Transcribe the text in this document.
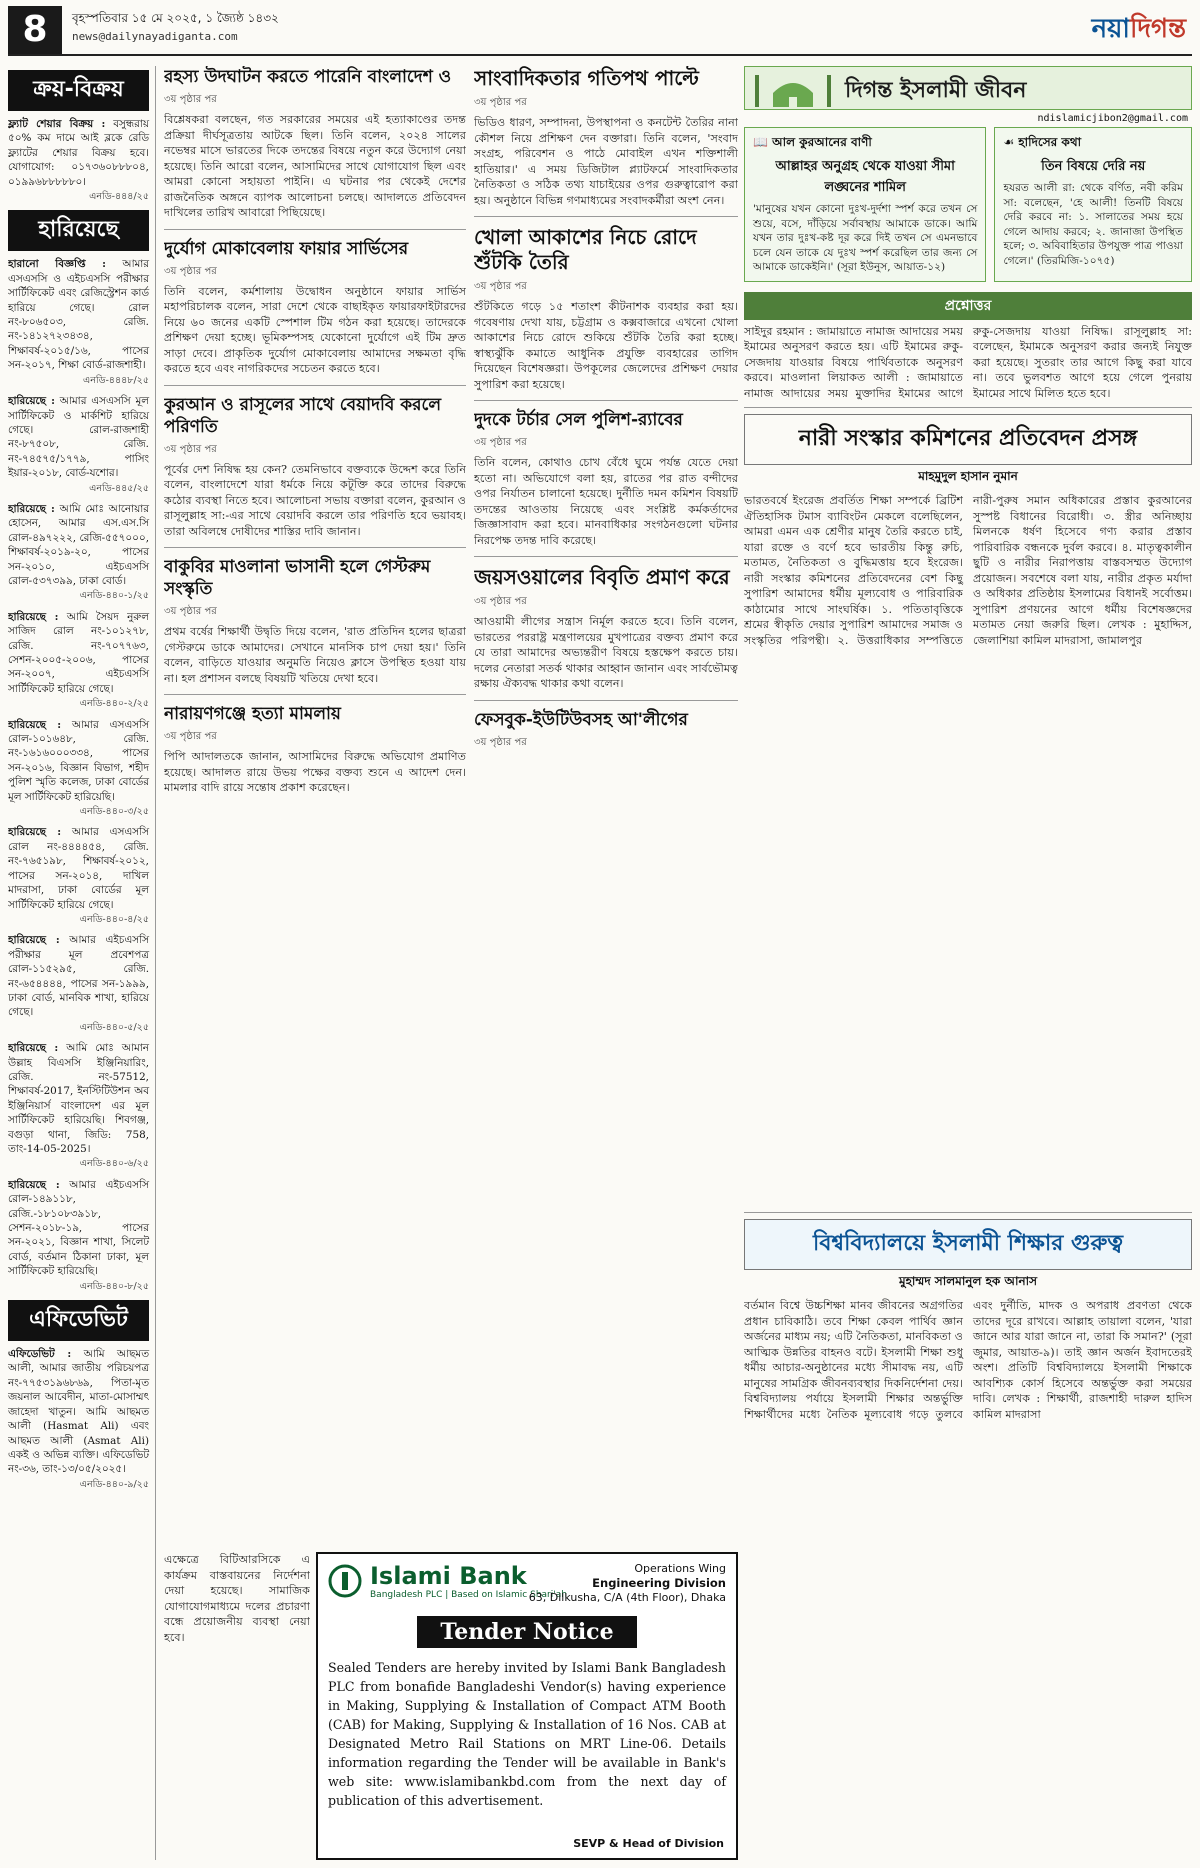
8	বৃহস্পতিবার ১৫ মে ২০২৫, ১ জ্যৈষ্ঠ ১৪৩২
news@dailynayadiganta.com	নয়াদিগন্ত
ক্রয়-বিক্রয়
ফ্ল্যাট শেয়ার বিক্রয় : বসুন্ধরায় ৫০% কম দামে আই ব্লকে রেডি ফ্ল্যাটের শেয়ার বিক্রয় হবে। যোগাযোগ: ০১৭৩৬০৮৮৮০৪, ০১৯৯৬৮৮৮৮৮০।
এনডি-৪৪৪/২৫
হারিয়েছে
হারানো বিজ্ঞপ্তি : আমার এসএসসি ও এইচএসসি পরীক্ষার সার্টিফিকেট এবং রেজিস্ট্রেশন কার্ড হারিয়ে গেছে। রোল নং-৮০৬৫০৩, রেজি. নং-১৪১২৭২৩৪৩৪, শিক্ষাবর্ষ-২০১৫/১৬, পাসের সন-২০১৭, শিক্ষা বোর্ড-রাজশাহী।
এনডি-৪৪৪৮/২৫
হারিয়েছে : আমার এসএসসি মূল সার্টিফিকেট ও মার্কশিট হারিয়ে গেছে। রোল-রাজশাহী নং-৮৭৫০৮, রেজি. নং-৭৪৫৭৫/১৭৭৯, পাসিং ইয়ার-২০১৮, বোর্ড-যশোর।
এনডি-৪৪৫/২৫
হারিয়েছে : আমি মোঃ আনোয়ার হোসেন, আমার এস.এস.সি রোল-৪৯৭২২২, রেজি-৫৫৭০০০, শিক্ষাবর্ষ-২০১৯-২০, পাসের সন-২০১০, এইচএসসি রোল-৫৩৭৩৯৯, ঢাকা বোর্ড।
এনডি-৪৪০-১/২৫
হারিয়েছে : আমি সৈয়দ নুরুল সাজিদ রোল নং-১০১২৭৮, রেজি. নং-৭০৭৭৬৩, সেশন-২০০৫-২০০৬, পাসের সন-২০০৭, এইচএসসি সার্টিফিকেট হারিয়ে গেছে।
এনডি-৪৪০-২/২৫
হারিয়েছে : আমার এসএসসি রোল-১০১৬৪৮, রেজি. নং-১৬১৬০০০৩৩৪, পাসের সন-২০১৬, বিজ্ঞান বিভাগ, শহীদ পুলিশ স্মৃতি কলেজ, ঢাকা বোর্ডের মূল সার্টিফিকেট হারিয়েছি।
এনডি-৪৪০-৩/২৫
হারিয়েছে : আমার এসএসসি রোল নং-৪৪৪৪৫৪, রেজি. নং-৭৬৫১৯৮, শিক্ষাবর্ষ-২০১২, পাসের সন-২০১৪, দাখিল মাদরাসা, ঢাকা বোর্ডের মূল সার্টিফিকেট হারিয়ে গেছে।
এনডি-৪৪০-৪/২৫
হারিয়েছে : আমার এইচএসসি পরীক্ষার মূল প্রবেশপত্র রোল-১১৫২৯৫, রেজি. নং-৬৫৪৪৪৪, পাসের সন-১৯৯৯, ঢাকা বোর্ড, মানবিক শাখা, হারিয়ে গেছে।
এনডি-৪৪০-৫/২৫
হারিয়েছে : আমি মোঃ আমান উল্লাহ বিএসসি ইঞ্জিনিয়ারিং, রেজি. নং-57512, শিক্ষাবর্ষ-2017, ইনস্টিটিউশন অব ইঞ্জিনিয়ার্স বাংলাদেশ এর মূল সার্টিফিকেট হারিয়েছি। শিবগঞ্জ, বগুড়া থানা, জিডি: 758, তাং-14-05-2025।
এনডি-৪৪০-৬/২৫
হারিয়েছে : আমার এইচএসসি রোল-১৪৯১১৮, রেজি.-১৮১০৮৩৯১৮, সেশন-২০১৮-১৯, পাসের সন-২০২১, বিজ্ঞান শাখা, সিলেট বোর্ড, বর্তমান ঠিকানা ঢাকা, মূল সার্টিফিকেট হারিয়েছি।
এনডি-৪৪০-৮/২৫
এফিডেভিট
এফিডেভিট : আমি আছমত আলী, আমার জাতীয় পরিচয়পত্র নং-৭৭৫৩১৯৬৮৬৯, পিতা-মৃত জয়নাল আবেদীন, মাতা-মোসাম্মৎ জাহেদা খাতুন। আমি আছমত আলী (Hasmat Ali) এবং আছমত আলী (Asmat Ali) একই ও অভিন্ন ব্যক্তি। এফিডেভিট নং-৩৬, তাং-১৩/০৫/২০২৫।
এনডি-৪৪০-৯/২৫
রহস্য উদঘাটন করতে পারেনি বাংলাদেশ ও
৩য় পৃষ্ঠার পর
বিশ্লেষকরা বলছেন, গত সরকারের সময়ের এই হত্যাকাণ্ডের তদন্ত প্রক্রিয়া দীর্ঘসূত্রতায় আটকে ছিল। তিনি বলেন, ২০২৪ সালের নভেম্বর মাসে ভারতের দিকে তদন্তের বিষয়ে নতুন করে উদ্যোগ নেয়া হয়েছে। তিনি আরো বলেন, আসামিদের সাথে যোগাযোগ ছিল এবং আমরা কোনো সহায়তা পাইনি। এ ঘটনার পর থেকেই দেশের রাজনৈতিক অঙ্গনে ব্যাপক আলোচনা চলছে। আদালতে প্রতিবেদন দাখিলের তারিখ আবারো পিছিয়েছে।
দুর্যোগ মোকাবেলায় ফায়ার সার্ভিসের
৩য় পৃষ্ঠার পর
তিনি বলেন, কর্মশালায় উদ্বোধন অনুষ্ঠানে ফায়ার সার্ভিস মহাপরিচালক বলেন, সারা দেশে থেকে বাছাইকৃত ফায়ারফাইটারদের নিয়ে ৬০ জনের একটি স্পেশাল টিম গঠন করা হয়েছে। তাদেরকে প্রশিক্ষণ দেয়া হচ্ছে। ভূমিকম্পসহ যেকোনো দুর্যোগে এই টিম দ্রুত সাড়া দেবে। প্রাকৃতিক দুর্যোগ মোকাবেলায় আমাদের সক্ষমতা বৃদ্ধি করতে হবে এবং নাগরিকদের সচেতন করতে হবে।
কুরআন ও রাসূলের সাথে বেয়াদবি করলে পরিণতি
৩য় পৃষ্ঠার পর
পূর্বের দেশ নিষিদ্ধ হয় কেন? তেমনিভাবে বক্তব্যকে উদ্দেশ করে তিনি বলেন, বাংলাদেশে যারা ধর্মকে নিয়ে কটূক্তি করে তাদের বিরুদ্ধে কঠোর ব্যবস্থা নিতে হবে। আলোচনা সভায় বক্তারা বলেন, কুরআন ও রাসূলুল্লাহ সা:-এর সাথে বেয়াদবি করলে তার পরিণতি হবে ভয়াবহ। তারা অবিলম্বে দোষীদের শাস্তির দাবি জানান।
বাকুবির মাওলানা ভাসানী হলে গেস্টরুম সংস্কৃতি
৩য় পৃষ্ঠার পর
প্রথম বর্ষের শিক্ষার্থী উদ্বৃতি দিয়ে বলেন, 'রাত প্রতিদিন হলের ছাত্ররা গেস্টরুমে ডাকে আমাদের। সেখানে মানসিক চাপ দেয়া হয়।' তিনি বলেন, বাড়িতে যাওয়ার অনুমতি নিয়েও ক্লাসে উপস্থিত হওয়া যায় না। হল প্রশাসন বলছে বিষয়টি খতিয়ে দেখা হবে।
নারায়ণগঞ্জে হত্যা মামলায়
৩য় পৃষ্ঠার পর
পিপি আদালতকে জানান, আসামিদের বিরুদ্ধে অভিযোগ প্রমাণিত হয়েছে। আদালত রায়ে উভয় পক্ষের বক্তব্য শুনে এ আদেশ দেন। মামলার বাদি রায়ে সন্তোষ প্রকাশ করেছেন।
এক্ষেত্রে বিটিআরসিকে এ কার্যক্রম বাস্তবায়নের নির্দেশনা দেয়া হয়েছে। সামাজিক যোগাযোগমাধ্যমে দলের প্রচারণা বন্ধে প্রয়োজনীয় ব্যবস্থা নেয়া হবে।
সাংবাদিকতার গতিপথ পাল্টে
৩য় পৃষ্ঠার পর
ভিডিও ধারণ, সম্পাদনা, উপস্থাপনা ও কনটেন্ট তৈরির নানা কৌশল নিয়ে প্রশিক্ষণ দেন বক্তারা। তিনি বলেন, 'সংবাদ সংগ্রহ, পরিবেশন ও পাঠে মোবাইল এখন শক্তিশালী হাতিয়ার।' এ সময় ডিজিটাল প্ল্যাটফর্মে সাংবাদিকতার নৈতিকতা ও সঠিক তথ্য যাচাইয়ের ওপর গুরুত্বারোপ করা হয়। অনুষ্ঠানে বিভিন্ন গণমাধ্যমের সংবাদকর্মীরা অংশ নেন।
খোলা আকাশের নিচে রোদে শুঁটকি তৈরি
৩য় পৃষ্ঠার পর
শুঁটকিতে গড়ে ১৫ শতাংশ কীটনাশক ব্যবহার করা হয়। গবেষণায় দেখা যায়, চট্টগ্রাম ও কক্সবাজারে এখনো খোলা আকাশের নিচে রোদে শুকিয়ে শুঁটকি তৈরি করা হচ্ছে। স্বাস্থ্যঝুঁকি কমাতে আধুনিক প্রযুক্তি ব্যবহারের তাগিদ দিয়েছেন বিশেষজ্ঞরা। উপকূলের জেলেদের প্রশিক্ষণ দেয়ার সুপারিশ করা হয়েছে।
দুদকে টর্চার সেল পুলিশ-র‌্যাবের
৩য় পৃষ্ঠার পর
তিনি বলেন, কোথাও চোখ বেঁধে ঘুমে পর্যন্ত যেতে দেয়া হতো না। অভিযোগে বলা হয়, রাতের পর রাত বন্দীদের ওপর নির্যাতন চালানো হয়েছে। দুর্নীতি দমন কমিশন বিষয়টি তদন্তের আওতায় নিয়েছে এবং সংশ্লিষ্ট কর্মকর্তাদের জিজ্ঞাসাবাদ করা হবে। মানবাধিকার সংগঠনগুলো ঘটনার নিরপেক্ষ তদন্ত দাবি করেছে।
জয়সওয়ালের বিবৃতি প্রমাণ করে
৩য় পৃষ্ঠার পর
আওয়ামী লীগের সন্ত্রাস নির্মূল করতে হবে। তিনি বলেন, ভারতের পররাষ্ট্র মন্ত্রণালয়ের মুখপাত্রের বক্তব্য প্রমাণ করে যে তারা আমাদের অভ্যন্তরীণ বিষয়ে হস্তক্ষেপ করতে চায়। দলের নেতারা সতর্ক থাকার আহ্বান জানান এবং সার্বভৌমত্ব রক্ষায় ঐক্যবদ্ধ থাকার কথা বলেন।
ফেসবুক-ইউটিউবসহ আ'লীগের
৩য় পৃষ্ঠার পর
Islami Bank
Bangladesh PLC | Based on Islamic Shari'ah
Operations Wing
Engineering Division
63, Dilkusha, C/A (4th Floor), Dhaka
Tender Notice
Sealed Tenders are hereby invited by Islami Bank Bangladesh PLC from bonafide Bangladeshi Vendor(s) having experience in Making, Supplying & Installation of Compact ATM Booth (CAB) for Making, Supplying & Installation of 16 Nos. CAB at Designated Metro Rail Stations on MRT Line-06. Details information regarding the Tender will be available in Bank's web site: www.islamibankbd.com from the next day of publication of this advertisement.
SEVP & Head of Division
দিগন্ত ইসলামী জীবন
ndislamicjibon2@gmail.com
📖 আল কুরআনের বাণী
আল্লাহর অনুগ্রহ থেকে যাওয়া সীমা লঙ্ঘনের শামিল
'মানুষের যখন কোনো দুঃখ-দুর্দশা স্পর্শ করে তখন সে শুয়ে, বসে, দাঁড়িয়ে সর্বাবস্থায় আমাকে ডাকে। আমি যখন তার দুঃখ-কষ্ট দূর করে দিই তখন সে এমনভাবে চলে যেন তাকে যে দুঃখ স্পর্শ করেছিল তার জন্য সে আমাকে ডাকেইনি।' (সূরা ইউনুস, আয়াত-১২)
☙ হাদিসের কথা
তিন বিষয়ে দেরি নয়
হযরত আলী রা: থেকে বর্ণিত, নবী করিম সা: বলেছেন, 'হে আলী! তিনটি বিষয়ে দেরি করবে না: ১. সালাতের সময় হয়ে গেলে আদায় করবে; ২. জানাজা উপস্থিত হলে; ৩. অবিবাহিতার উপযুক্ত পাত্র পাওয়া গেলে।' (তিরমিজি-১০৭৫)
প্রশ্নোত্তর
সাইদুর রহমান : জামায়াতে নামাজ আদায়ের সময় ইমামের অনুসরণ করতে হয়। এটি ইমামের রুকু-সেজদায় যাওয়ার বিষয়ে পার্থিবতাকে অনুসরণ করবে। মাওলানা লিয়াকত আলী : জামায়াতে নামাজ আদায়ের সময় মুক্তাদির ইমামের আগে রুকু-সেজদায় যাওয়া নিষিদ্ধ। রাসূলুল্লাহ সা: বলেছেন, ইমামকে অনুসরণ করার জন্যই নিযুক্ত করা হয়েছে। সুতরাং তার আগে কিছু করা যাবে না। তবে ভুলবশত আগে হয়ে গেলে পুনরায় ইমামের সাথে মিলিত হতে হবে।
নারী সংস্কার কমিশনের প্রতিবেদন প্রসঙ্গ
মাহমুদুল হাসান নুমান
ভারতবর্ষে ইংরেজ প্রবর্তিত শিক্ষা সম্পর্কে ব্রিটিশ ঐতিহাসিক টমাস ব্যাবিংটন মেকলে বলেছিলেন, আমরা এমন এক শ্রেণীর মানুষ তৈরি করতে চাই, যারা রক্তে ও বর্ণে হবে ভারতীয় কিন্তু রুচি, মতামত, নৈতিকতা ও বুদ্ধিমত্তায় হবে ইংরেজ। নারী সংস্কার কমিশনের প্রতিবেদনের বেশ কিছু সুপারিশ আমাদের ধর্মীয় মূল্যবোধ ও পারিবারিক কাঠামোর সাথে সাংঘর্ষিক। ১. পতিতাবৃত্তিকে শ্রমের স্বীকৃতি দেয়ার সুপারিশ আমাদের সমাজ ও সংস্কৃতির পরিপন্থী। ২. উত্তরাধিকার সম্পত্তিতে নারী-পুরুষ সমান অধিকারের প্রস্তাব কুরআনের সুস্পষ্ট বিধানের বিরোধী। ৩. স্ত্রীর অনিচ্ছায় মিলনকে ধর্ষণ হিসেবে গণ্য করার প্রস্তাব পারিবারিক বন্ধনকে দুর্বল করবে। ৪. মাতৃত্বকালীন ছুটি ও নারীর নিরাপত্তায় বাস্তবসম্মত উদ্যোগ প্রয়োজন। সবশেষে বলা যায়, নারীর প্রকৃত মর্যাদা ও অধিকার প্রতিষ্ঠায় ইসলামের বিধানই সর্বোত্তম। সুপারিশ প্রণয়নের আগে ধর্মীয় বিশেষজ্ঞদের মতামত নেয়া জরুরি ছিল। লেখক : মুহাদ্দিস, জেলাশিয়া কামিল মাদরাসা, জামালপুর
বিশ্ববিদ্যালয়ে ইসলামী শিক্ষার গুরুত্ব
মুহাম্মদ সালমানুল হক আনাস
বর্তমান বিশ্বে উচ্চশিক্ষা মানব জীবনের অগ্রগতির প্রধান চাবিকাঠি। তবে শিক্ষা কেবল পার্থিব জ্ঞান অর্জনের মাধ্যম নয়; এটি নৈতিকতা, মানবিকতা ও আত্মিক উন্নতির বাহনও বটে। ইসলামী শিক্ষা শুধু ধর্মীয় আচার-অনুষ্ঠানের মধ্যে সীমাবদ্ধ নয়, এটি মানুষের সামগ্রিক জীবনব্যবস্থার দিকনির্দেশনা দেয়। বিশ্ববিদ্যালয় পর্যায়ে ইসলামী শিক্ষার অন্তর্ভুক্তি শিক্ষার্থীদের মধ্যে নৈতিক মূল্যবোধ গড়ে তুলবে এবং দুর্নীতি, মাদক ও অপরাধ প্রবণতা থেকে তাদের দূরে রাখবে। আল্লাহ তায়ালা বলেন, 'যারা জানে আর যারা জানে না, তারা কি সমান?' (সূরা জুমার, আয়াত-৯)। তাই জ্ঞান অর্জন ইবাদতেরই অংশ। প্রতিটি বিশ্ববিদ্যালয়ে ইসলামী শিক্ষাকে আবশ্যিক কোর্স হিসেবে অন্তর্ভুক্ত করা সময়ের দাবি। লেখক : শিক্ষার্থী, রাজশাহী দারুল হাদিস কামিল মাদরাসা
